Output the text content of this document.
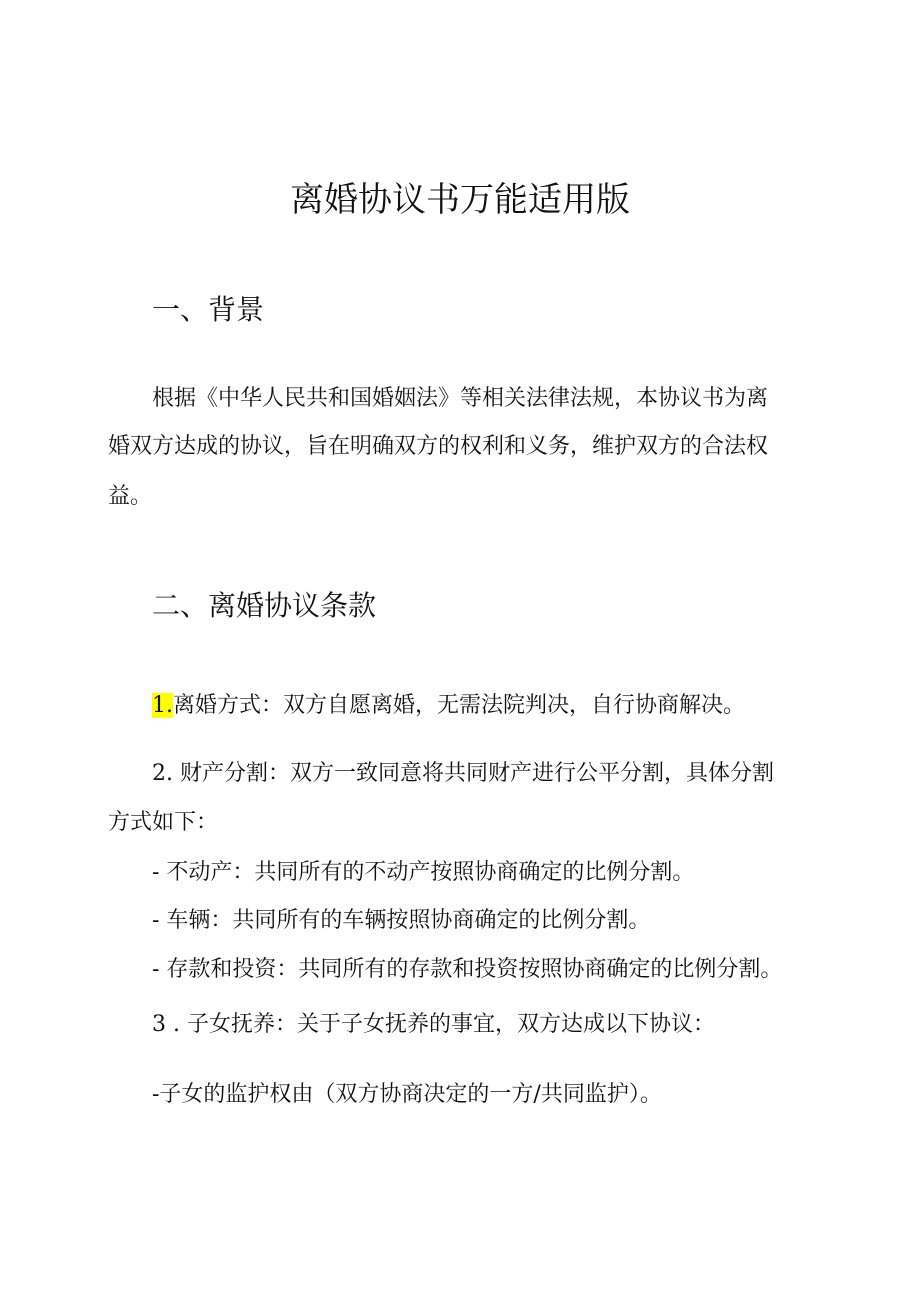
离婚协议书万能适用版
一、背景

根据《中华人民共和国婚姻法》等相关法律法规，本协议书为离

婚双方达成的协议，旨在明确双方的权利和义务，维护双方的合法权

益。

二、离婚协议条款

1.离婚方式：双方自愿离婚，无需法院判决，自行协商解决。

2. 财产分割：双方一致同意将共同财产进行公平分割，具体分割

方式如下：

- 不动产：共同所有的不动产按照协商确定的比例分割。

- 车辆：共同所有的车辆按照协商确定的比例分割。

- 存款和投资：共同所有的存款和投资按照协商确定的比例分割。

3 . 子女抚养：关于子女抚养的事宜，双方达成以下协议：

-子女的监护权由（双方协商决定的一方/共同监护）。
